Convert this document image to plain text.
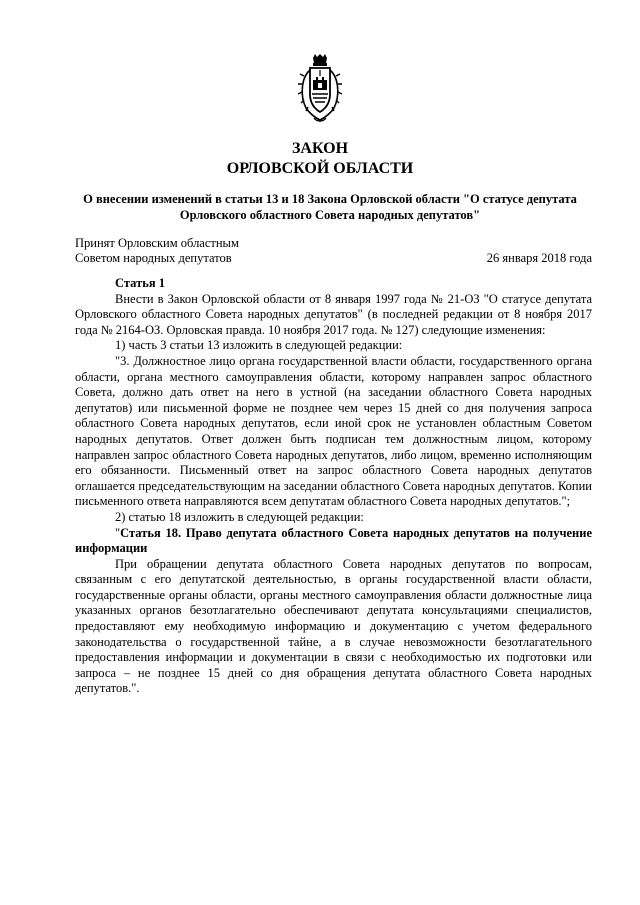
ЗАКОН
ОРЛОВСКОЙ ОБЛАСТИ
О внесении изменений в статьи 13 и 18 Закона Орловской области "О статусе депутата
Орловского областного Совета народных депутатов"
Принят Орловским областным
Советом народных депутатов	26 января 2018 года

Статья 1

Внести в Закон Орловской области от 8 января 1997 года № 21-ОЗ "О статусе депутата Орловского областного Совета народных депутатов" (в последней редакции от 8 ноября 2017 года № 2164-ОЗ. Орловская правда. 10 ноября 2017 года. № 127) следующие изменения:

1) часть 3 статьи 13 изложить в следующей редакции:

"3. Должностное лицо органа государственной власти области, государственного органа области, органа местного самоуправления области, которому направлен запрос областного Совета, должно дать ответ на него в устной (на заседании областного Совета народных депутатов) или письменной форме не позднее чем через 15 дней со дня получения запроса областного Совета народных депутатов, если иной срок не установлен областным Советом народных депутатов. Ответ должен быть подписан тем должностным лицом, которому направлен запрос областного Совета народных депутатов, либо лицом, временно исполняющим его обязанности. Письменный ответ на запрос областного Совета народных депутатов оглашается председательствующим на заседании областного Совета народных депутатов. Копии письменного ответа направляются всем депутатам областного Совета народных депутатов.";

2) статью 18 изложить в следующей редакции:

"Статья 18. Право депутата областного Совета народных депутатов на получение информации

При обращении депутата областного Совета народных депутатов по вопросам, связанным с его депутатской деятельностью, в органы государственной власти области, государственные органы области, органы местного самоуправления области должностные лица указанных органов безотлагательно обеспечивают депутата консультациями специалистов, предоставляют ему необходимую информацию и документацию с учетом федерального законодательства о государственной тайне, а в случае невозможности безотлагательного предоставления информации и документации в связи с необходимостью их подготовки или запроса – не позднее 15 дней со дня обращения депутата областного Совета народных депутатов.".
